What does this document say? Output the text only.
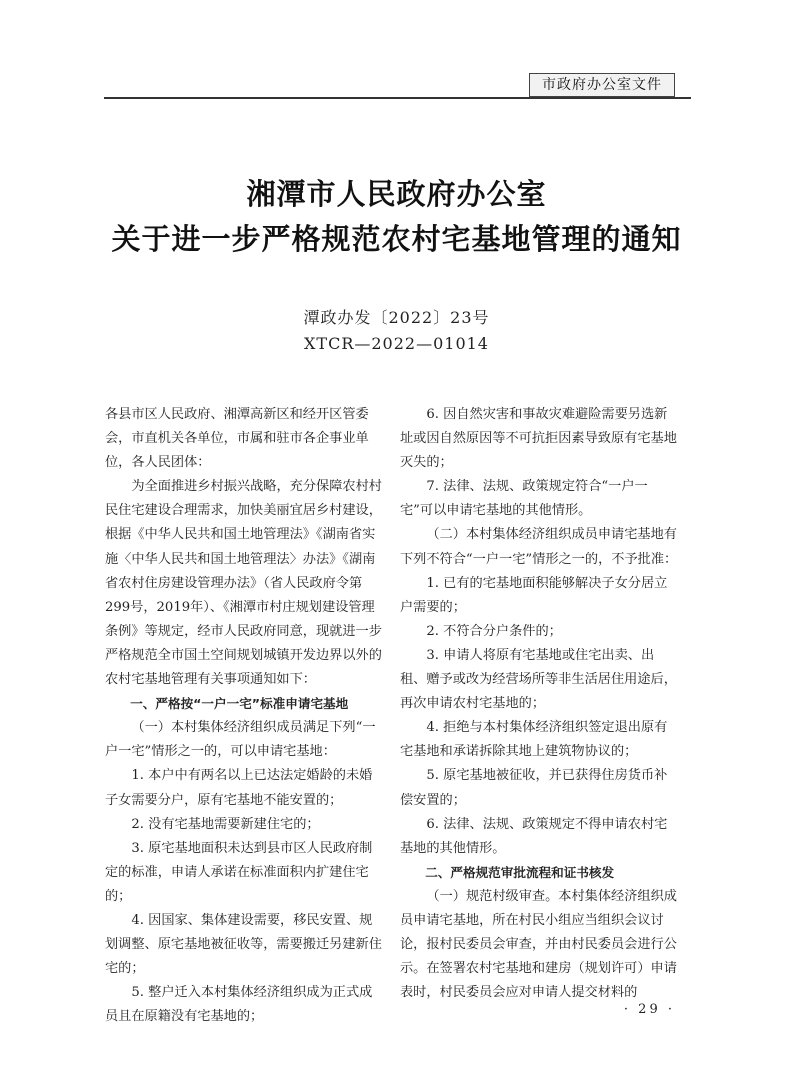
市政府办公室文件
湘潭市人民政府办公室
关于进一步严格规范农村宅基地管理的通知
潭政办发〔2022〕23号
XTCR—2022—01014

各县市区人民政府、湘潭高新区和经开区管委会，市直机关各单位，市属和驻市各企事业单位，各人民团体：

为全面推进乡村振兴战略，充分保障农村村民住宅建设合理需求，加快美丽宜居乡村建设，根据《中华人民共和国土地管理法》《湖南省实施〈中华人民共和国土地管理法〉办法》《湖南省农村住房建设管理办法》（省人民政府令第299号，2019年）、《湘潭市村庄规划建设管理条例》等规定，经市人民政府同意，现就进一步严格规范全市国土空间规划城镇开发边界以外的农村宅基地管理有关事项通知如下：

一、严格按“一户一宅”标准申请宅基地

（一）本村集体经济组织成员满足下列“一户一宅”情形之一的，可以申请宅基地：

1. 本户中有两名以上已达法定婚龄的未婚子女需要分户，原有宅基地不能安置的；

2. 没有宅基地需要新建住宅的；

3. 原宅基地面积未达到县市区人民政府制定的标准，申请人承诺在标准面积内扩建住宅的；

4. 因国家、集体建设需要，移民安置、规划调整、原宅基地被征收等，需要搬迁另建新住宅的；

5. 整户迁入本村集体经济组织成为正式成员且在原籍没有宅基地的；

6. 因自然灾害和事故灾难避险需要另选新址或因自然原因等不可抗拒因素导致原有宅基地灭失的；

7. 法律、法规、政策规定符合“一户一宅”可以申请宅基地的其他情形。

（二）本村集体经济组织成员申请宅基地有下列不符合“一户一宅”情形之一的，不予批准：

1. 已有的宅基地面积能够解决子女分居立户需要的；

2. 不符合分户条件的；

3. 申请人将原有宅基地或住宅出卖、出租、赠予或改为经营场所等非生活居住用途后，再次申请农村宅基地的；

4. 拒绝与本村集体经济组织签定退出原有宅基地和承诺拆除其地上建筑物协议的；

5. 原宅基地被征收，并已获得住房货币补偿安置的；

6. 法律、法规、政策规定不得申请农村宅基地的其他情形。

二、严格规范审批流程和证书核发

（一）规范村级审查。本村集体经济组织成员申请宅基地，所在村民小组应当组织会议讨论，报村民委员会审查，并由村民委员会进行公示。在签署农村宅基地和建房（规划许可）申请表时，村民委员会应对申请人提交材料的

· 29 ·
